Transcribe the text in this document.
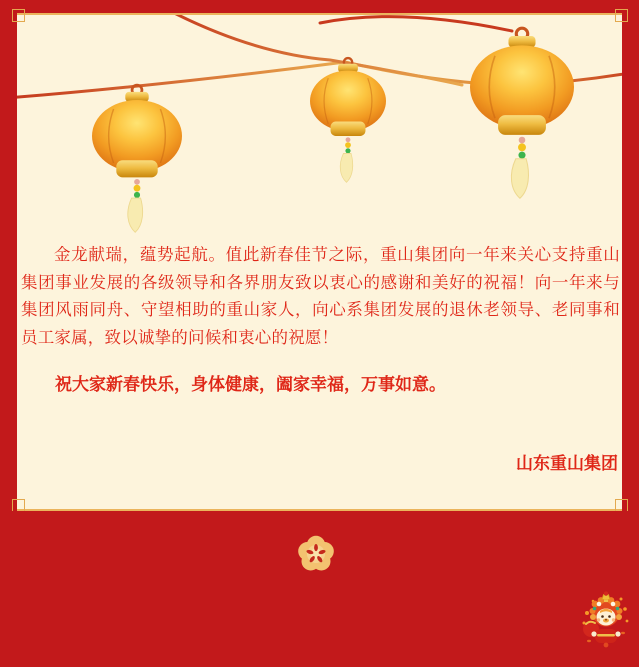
金龙献瑞，蕴势起航。值此新春佳节之际，重山集团向一年来关心支持重山集团事业发展的各级领导和各界朋友致以衷心的感谢和美好的祝福！向一年来与集团风雨同舟、守望相助的重山家人，向心系集团发展的退休老领导、老同事和员工家属，致以诚挚的问候和衷心的祝愿！

祝大家新春快乐，身体健康，阖家幸福，万事如意。

山东重山集团
